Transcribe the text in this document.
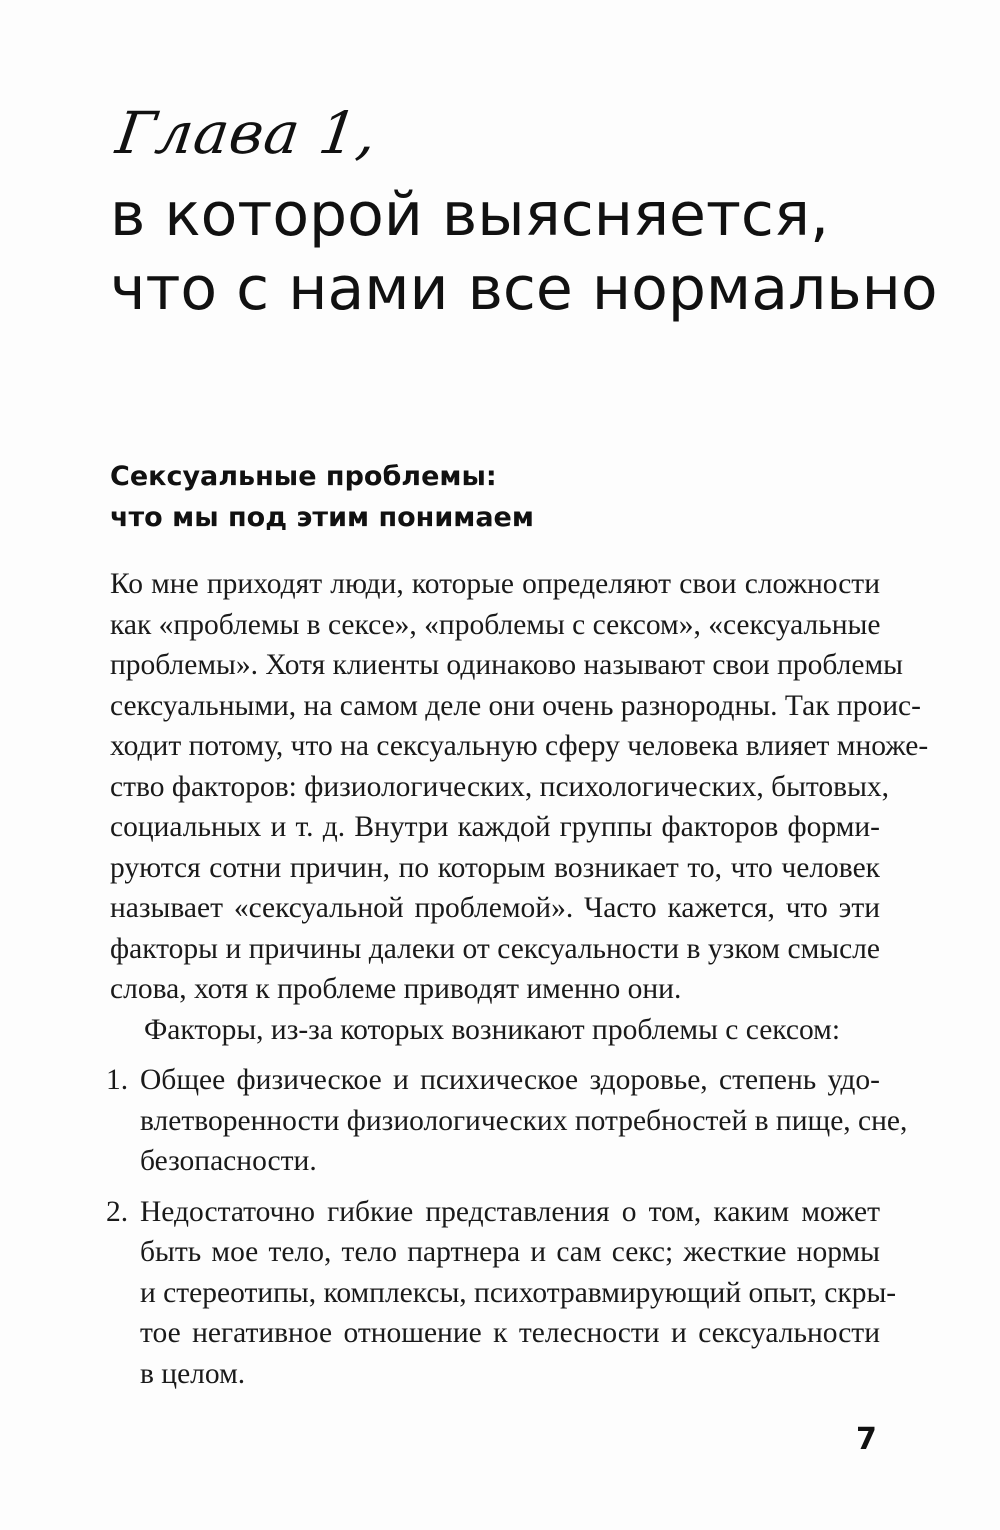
Глава 1,
в которой выясняется,
что с нами все нормально
Сексуальные проблемы:
что мы под этим понимаем
Ко мне приходят люди, которые определяют свои сложности
как «проблемы в сексе», «проблемы с сексом», «сексуальные
проблемы». Хотя клиенты одинаково называют свои проблемы
сексуальными, на самом деле они очень разнородны. Так проис-
ходит потому, что на сексуальную сферу человека влияет множе-
ство факторов: физиологических, психологических, бытовых,
социальных и т. д. Внутри каждой группы факторов форми-
руются сотни причин, по которым возникает то, что человек
называет «сексуальной проблемой». Часто кажется, что эти
факторы и причины далеки от сексуальности в узком смысле
слова, хотя к проблеме приводят именно они.
Факторы, из-за которых возникают проблемы с сексом:
1. Общее физическое и психическое здоровье, степень удо-
влетворенности физиологических потребностей в пище, сне,
безопасности.
2. Недостаточно гибкие представления о том, каким может
быть мое тело, тело партнера и сам секс; жесткие нормы
и стереотипы, комплексы, психотравмирующий опыт, скры-
тое негативное отношение к телесности и сексуальности
в целом.
7
